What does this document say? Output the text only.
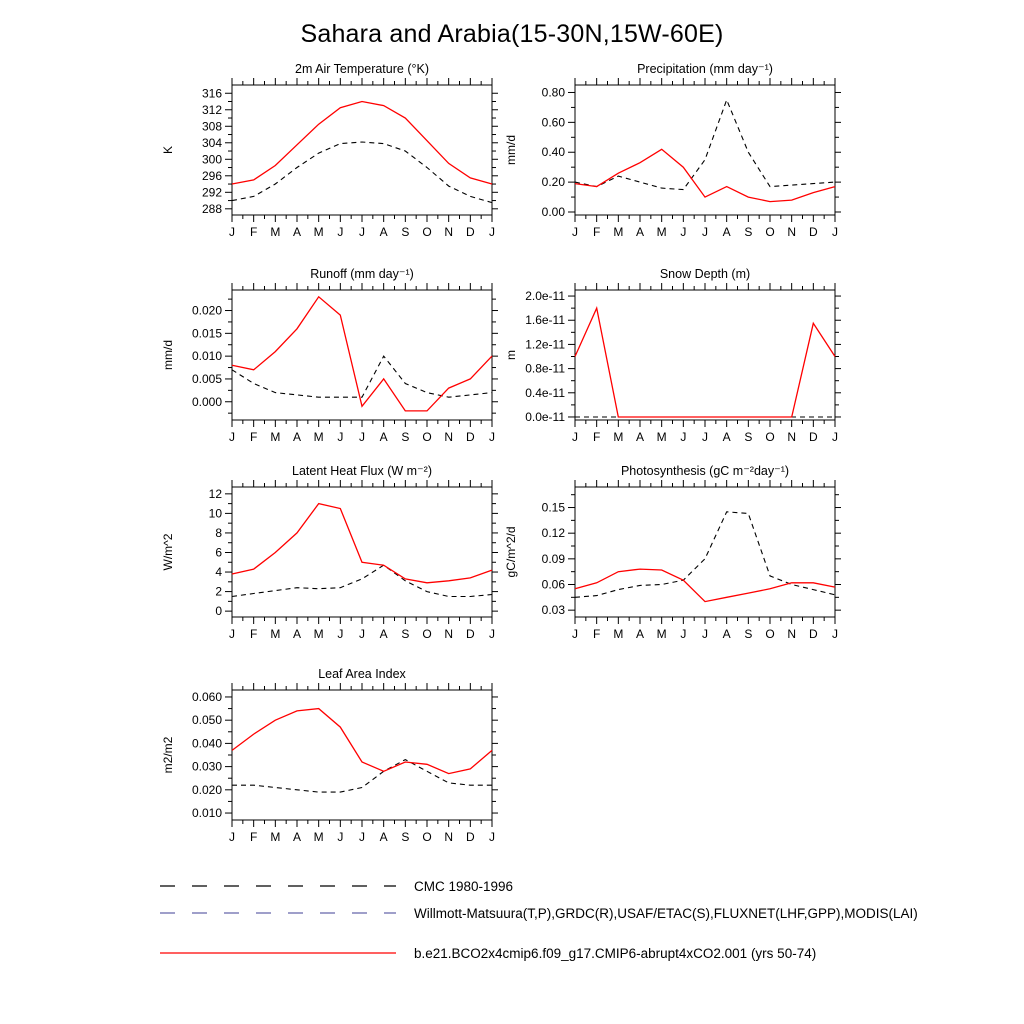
Sahara and Arabia(15-30N,15W-60E)
2m Air Temperature (°K)
J F M A M J J A S O N D J
288
292
296
300
304
308
312
316
K
Precipitation (mm day⁻¹)
J F M A M J J A S O N D J
0.00
0.20
0.40
0.60
0.80
mm/d
Runoff (mm day⁻¹)
J F M A M J J A S O N D J
0.000
0.005
0.010
0.015
0.020
mm/d
Snow Depth (m)
J F M A M J J A S O N D J
0.0e-11
0.4e-11
0.8e-11
1.2e-11
1.6e-11
2.0e-11
m
Latent Heat Flux (W m⁻²)
J F M A M J J A S O N D J
0
2
4
6
8
10
12
W/m^2
Photosynthesis (gC m⁻²day⁻¹)
J F M A M J J A S O N D J
0.03
0.06
0.09
0.12
0.15
gC/m^2/d
Leaf Area Index
J F M A M J J A S O N D J
0.010
0.020
0.030
0.040
0.050
0.060
m2/m2
CMC 1980-1996
Willmott-Matsuura(T,P),GRDC(R),USAF/ETAC(S),FLUXNET(LHF,GPP),MODIS(LAI)
b.e21.BCO2x4cmip6.f09_g17.CMIP6-abrupt4xCO2.001 (yrs 50-74)
